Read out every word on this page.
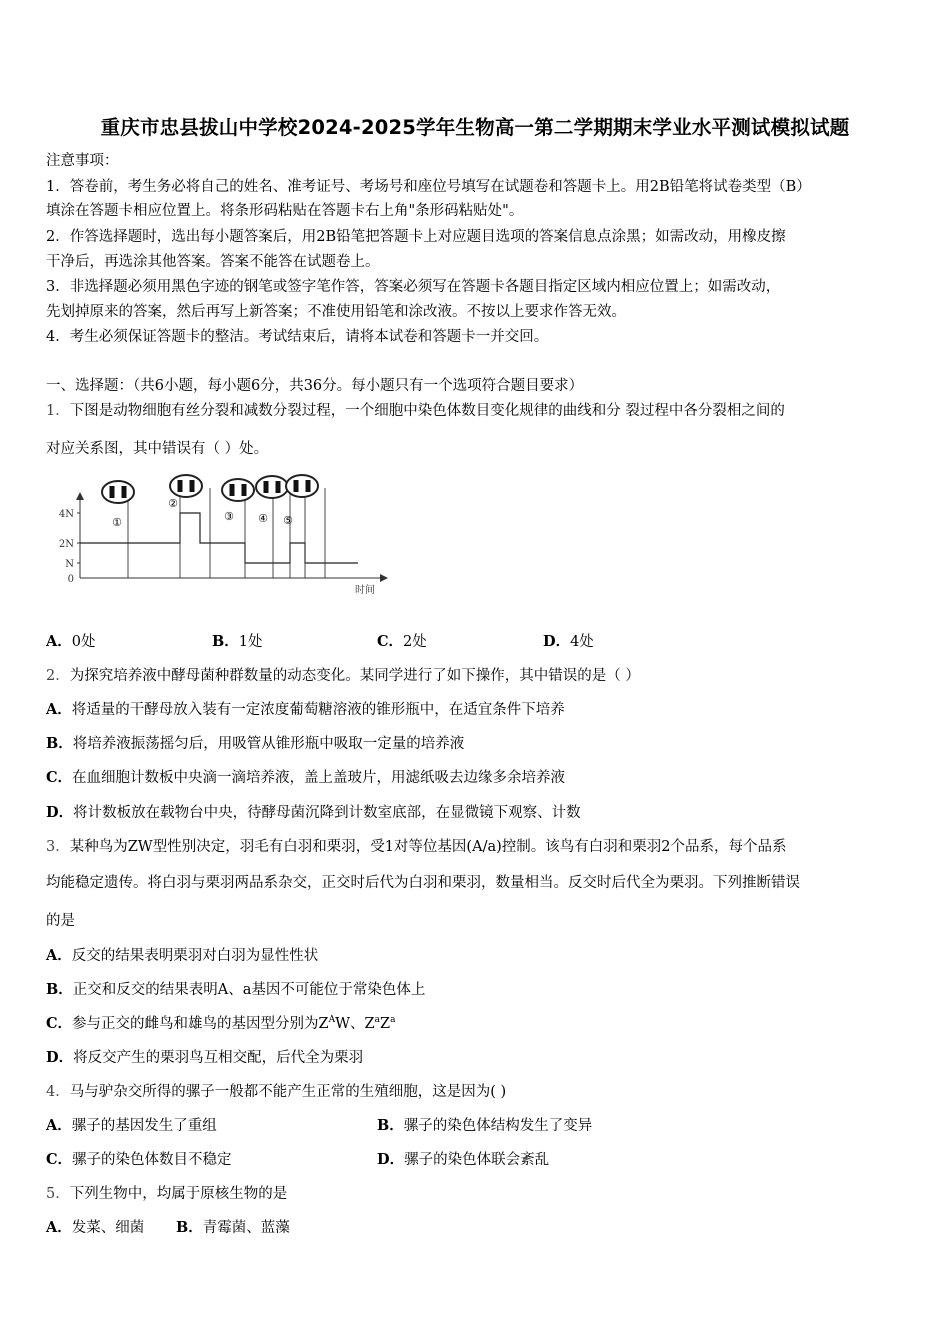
重庆市忠县拔山中学校2024-2025学年生物高一第二学期期末学业水平测试模拟试题
注意事项：
1．答卷前，考生务必将自己的姓名、准考证号、考场号和座位号填写在试题卷和答题卡上。用2B铅笔将试卷类型（B）
填涂在答题卡相应位置上。将条形码粘贴在答题卡右上角"条形码粘贴处"。
2．作答选择题时，选出每小题答案后，用2B铅笔把答题卡上对应题目选项的答案信息点涂黑；如需改动，用橡皮擦
干净后，再选涂其他答案。答案不能答在试题卷上。
3．非选择题必须用黑色字迹的钢笔或签字笔作答，答案必须写在答题卡各题目指定区域内相应位置上；如需改动，
先划掉原来的答案，然后再写上新答案；不准使用铅笔和涂改液。不按以上要求作答无效。
4．考生必须保证答题卡的整洁。考试结束后，请将本试卷和答题卡一并交回。
一、选择题：（共6小题，每小题6分，共36分。每小题只有一个选项符合题目要求）
1．下图是动物细胞有丝分裂和减数分裂过程，一个细胞中染色体数目变化规律的曲线和分 裂过程中各分裂相之间的
对应关系图，其中错误有（ ）处。
时间
0
N
2N
4N
①
②
③ ④ ⑤
A．0处	B．1处	C．2处	D．4处
2．为探究培养液中酵母菌种群数量的动态变化。某同学进行了如下操作，其中错误的是（ ）
A．将适量的干酵母放入装有一定浓度葡萄糖溶液的锥形瓶中，在适宜条件下培养
B．将培养液振荡摇匀后，用吸管从锥形瓶中吸取一定量的培养液
C．在血细胞计数板中央滴一滴培养液，盖上盖玻片，用滤纸吸去边缘多余培养液
D．将计数板放在载物台中央，待酵母菌沉降到计数室底部，在显微镜下观察、计数
3．某种鸟为ZW型性别决定，羽毛有白羽和栗羽，受1对等位基因(A/a)控制。该鸟有白羽和栗羽2个品系，每个品系
均能稳定遗传。将白羽与栗羽两品系杂交，正交时后代为白羽和栗羽，数量相当。反交时后代全为栗羽。下列推断错误
的是
A．反交的结果表明栗羽对白羽为显性性状
B．正交和反交的结果表明A、a基因不可能位于常染色体上
C．参与正交的雌鸟和雄鸟的基因型分别为$Z^AW$、$Z^aZ^a$
D．将反交产生的栗羽鸟互相交配，后代全为栗羽
4．马与驴杂交所得的骡子一般都不能产生正常的生殖细胞，这是因为( )
A．骡子的基因发生了重组	B．骡子的染色体结构发生了变异
C．骡子的染色体数目不稳定	D．骡子的染色体联会紊乱
5．下列生物中，均属于原核生物的是
A．发菜、细菌 B．青霉菌、蓝藻
